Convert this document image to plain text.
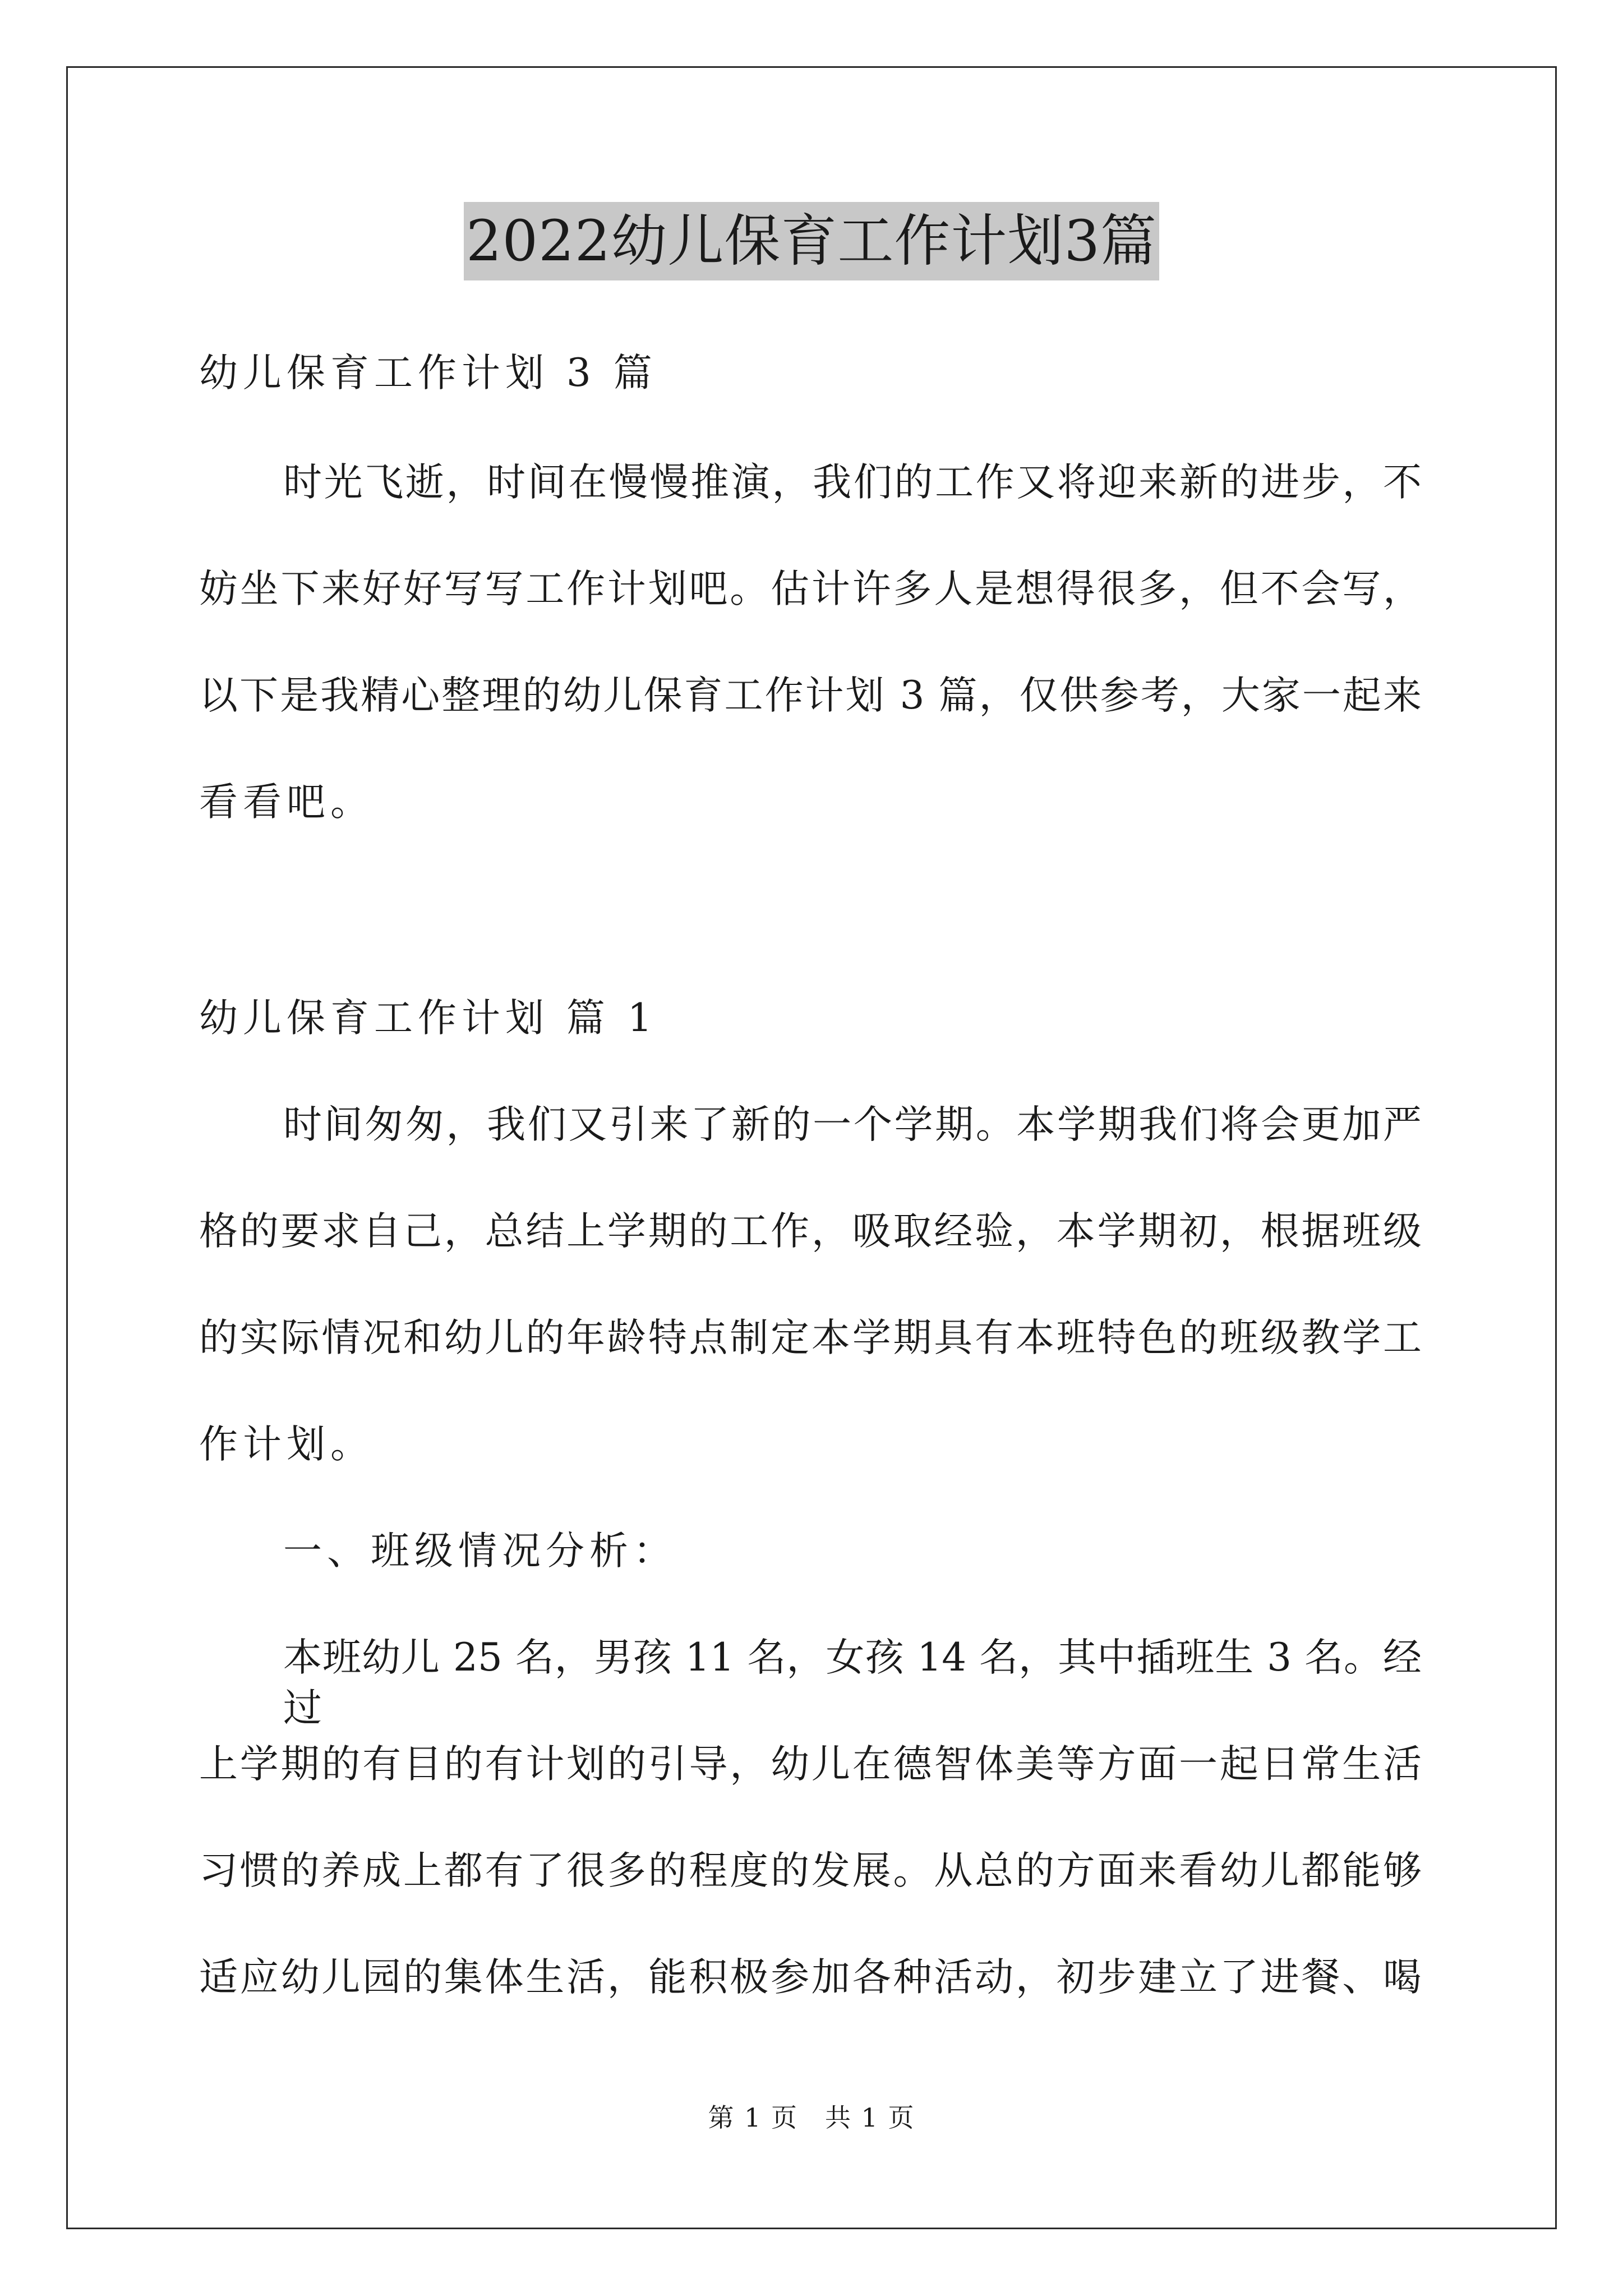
2022幼儿保育工作计划3篇
幼儿保育工作计划 3 篇
时光飞逝，时间在慢慢推演，我们的工作又将迎来新的进步，不
妨坐下来好好写写工作计划吧。估计许多人是想得很多，但不会写，
以下是我精心整理的幼儿保育工作计划 3 篇，仅供参考，大家一起来
看看吧。
幼儿保育工作计划 篇 1
时间匆匆，我们又引来了新的一个学期。本学期我们将会更加严
格的要求自己，总结上学期的工作，吸取经验，本学期初，根据班级
的实际情况和幼儿的年龄特点制定本学期具有本班特色的班级教学工
作计划。
一、班级情况分析：
本班幼儿 25 名，男孩 11 名，女孩 14 名，其中插班生 3 名。经过
上学期的有目的有计划的引导，幼儿在德智体美等方面一起日常生活
习惯的养成上都有了很多的程度的发展。从总的方面来看幼儿都能够
适应幼儿园的集体生活，能积极参加各种活动，初步建立了进餐、喝
第 1 页　共 1 页
